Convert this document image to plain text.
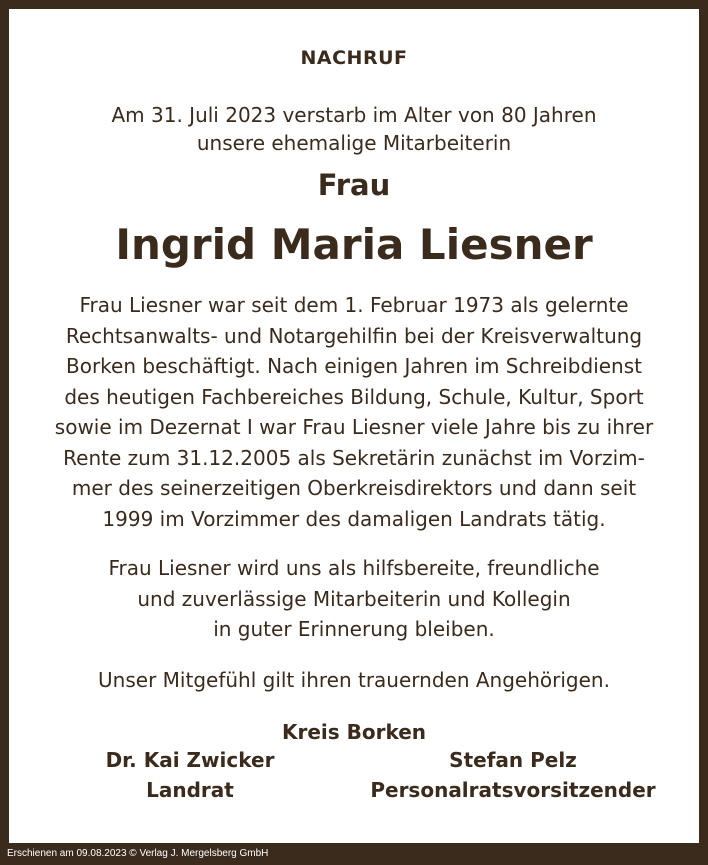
NACHRUF
Am 31. Juli 2023 verstarb im Alter von 80 Jahren
unsere ehemalige Mitarbeiterin
Frau
Ingrid Maria Liesner
Frau Liesner war seit dem 1. Februar 1973 als gelernte
Rechtsanwalts- und Notargehilfin bei der Kreisverwaltung
Borken beschäftigt. Nach einigen Jahren im Schreibdienst
des heutigen Fachbereiches Bildung, Schule, Kultur, Sport
sowie im Dezernat I war Frau Liesner viele Jahre bis zu ihrer
Rente zum 31.12.2005 als Sekretärin zunächst im Vorzim-
mer des seinerzeitigen Oberkreisdirektors und dann seit
1999 im Vorzimmer des damaligen Landrats tätig.
Frau Liesner wird uns als hilfsbereite, freundliche
und zuverlässige Mitarbeiterin und Kollegin
in guter Erinnerung bleiben.
Unser Mitgefühl gilt ihren trauernden Angehörigen.
Kreis Borken
Dr. Kai Zwicker
Landrat
Stefan Pelz
Personalratsvorsitzender
Erschienen am 09.08.2023 © Verlag J. Mergelsberg GmbH
